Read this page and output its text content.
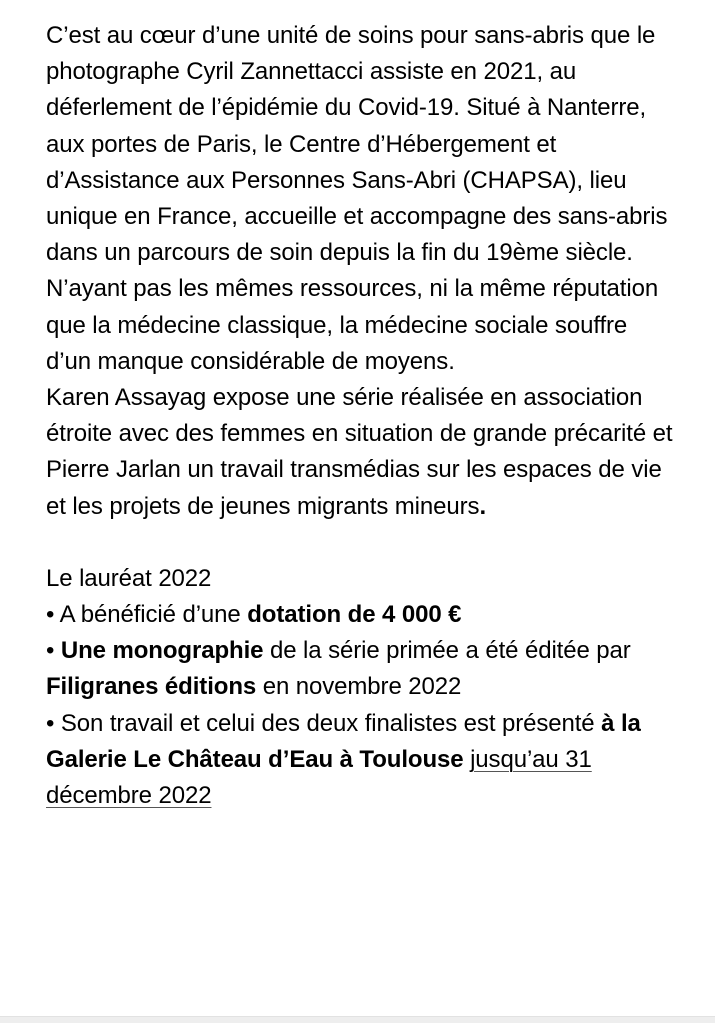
C’est au cœur d’une unité de soins pour sans-abris que le photographe Cyril Zannettacci assiste en 2021, au déferlement de l’épidémie du Covid-19. Situé à Nanterre, aux portes de Paris, le Centre d’Hébergement et d’Assistance aux Personnes Sans-Abri (CHAPSA), lieu unique en France, accueille et accompagne des sans-abris dans un parcours de soin depuis la fin du 19ème siècle. N’ayant pas les mêmes ressources, ni la même réputation que la médecine classique, la médecine sociale souffre d’un manque considérable de moyens.
Karen Assayag expose une série réalisée en association étroite avec des femmes en situation de grande précarité et Pierre Jarlan un travail transmédias sur les espaces de vie et les projets de jeunes migrants mineurs.

Le lauréat 2022

• A bénéficié d’une dotation de 4 000 €

• Une monographie de la série primée a été éditée par Filigranes éditions en novembre 2022

• Son travail et celui des deux finalistes est présenté à la Galerie Le Château d’Eau à Toulouse jusqu’au 31 décembre 2022
